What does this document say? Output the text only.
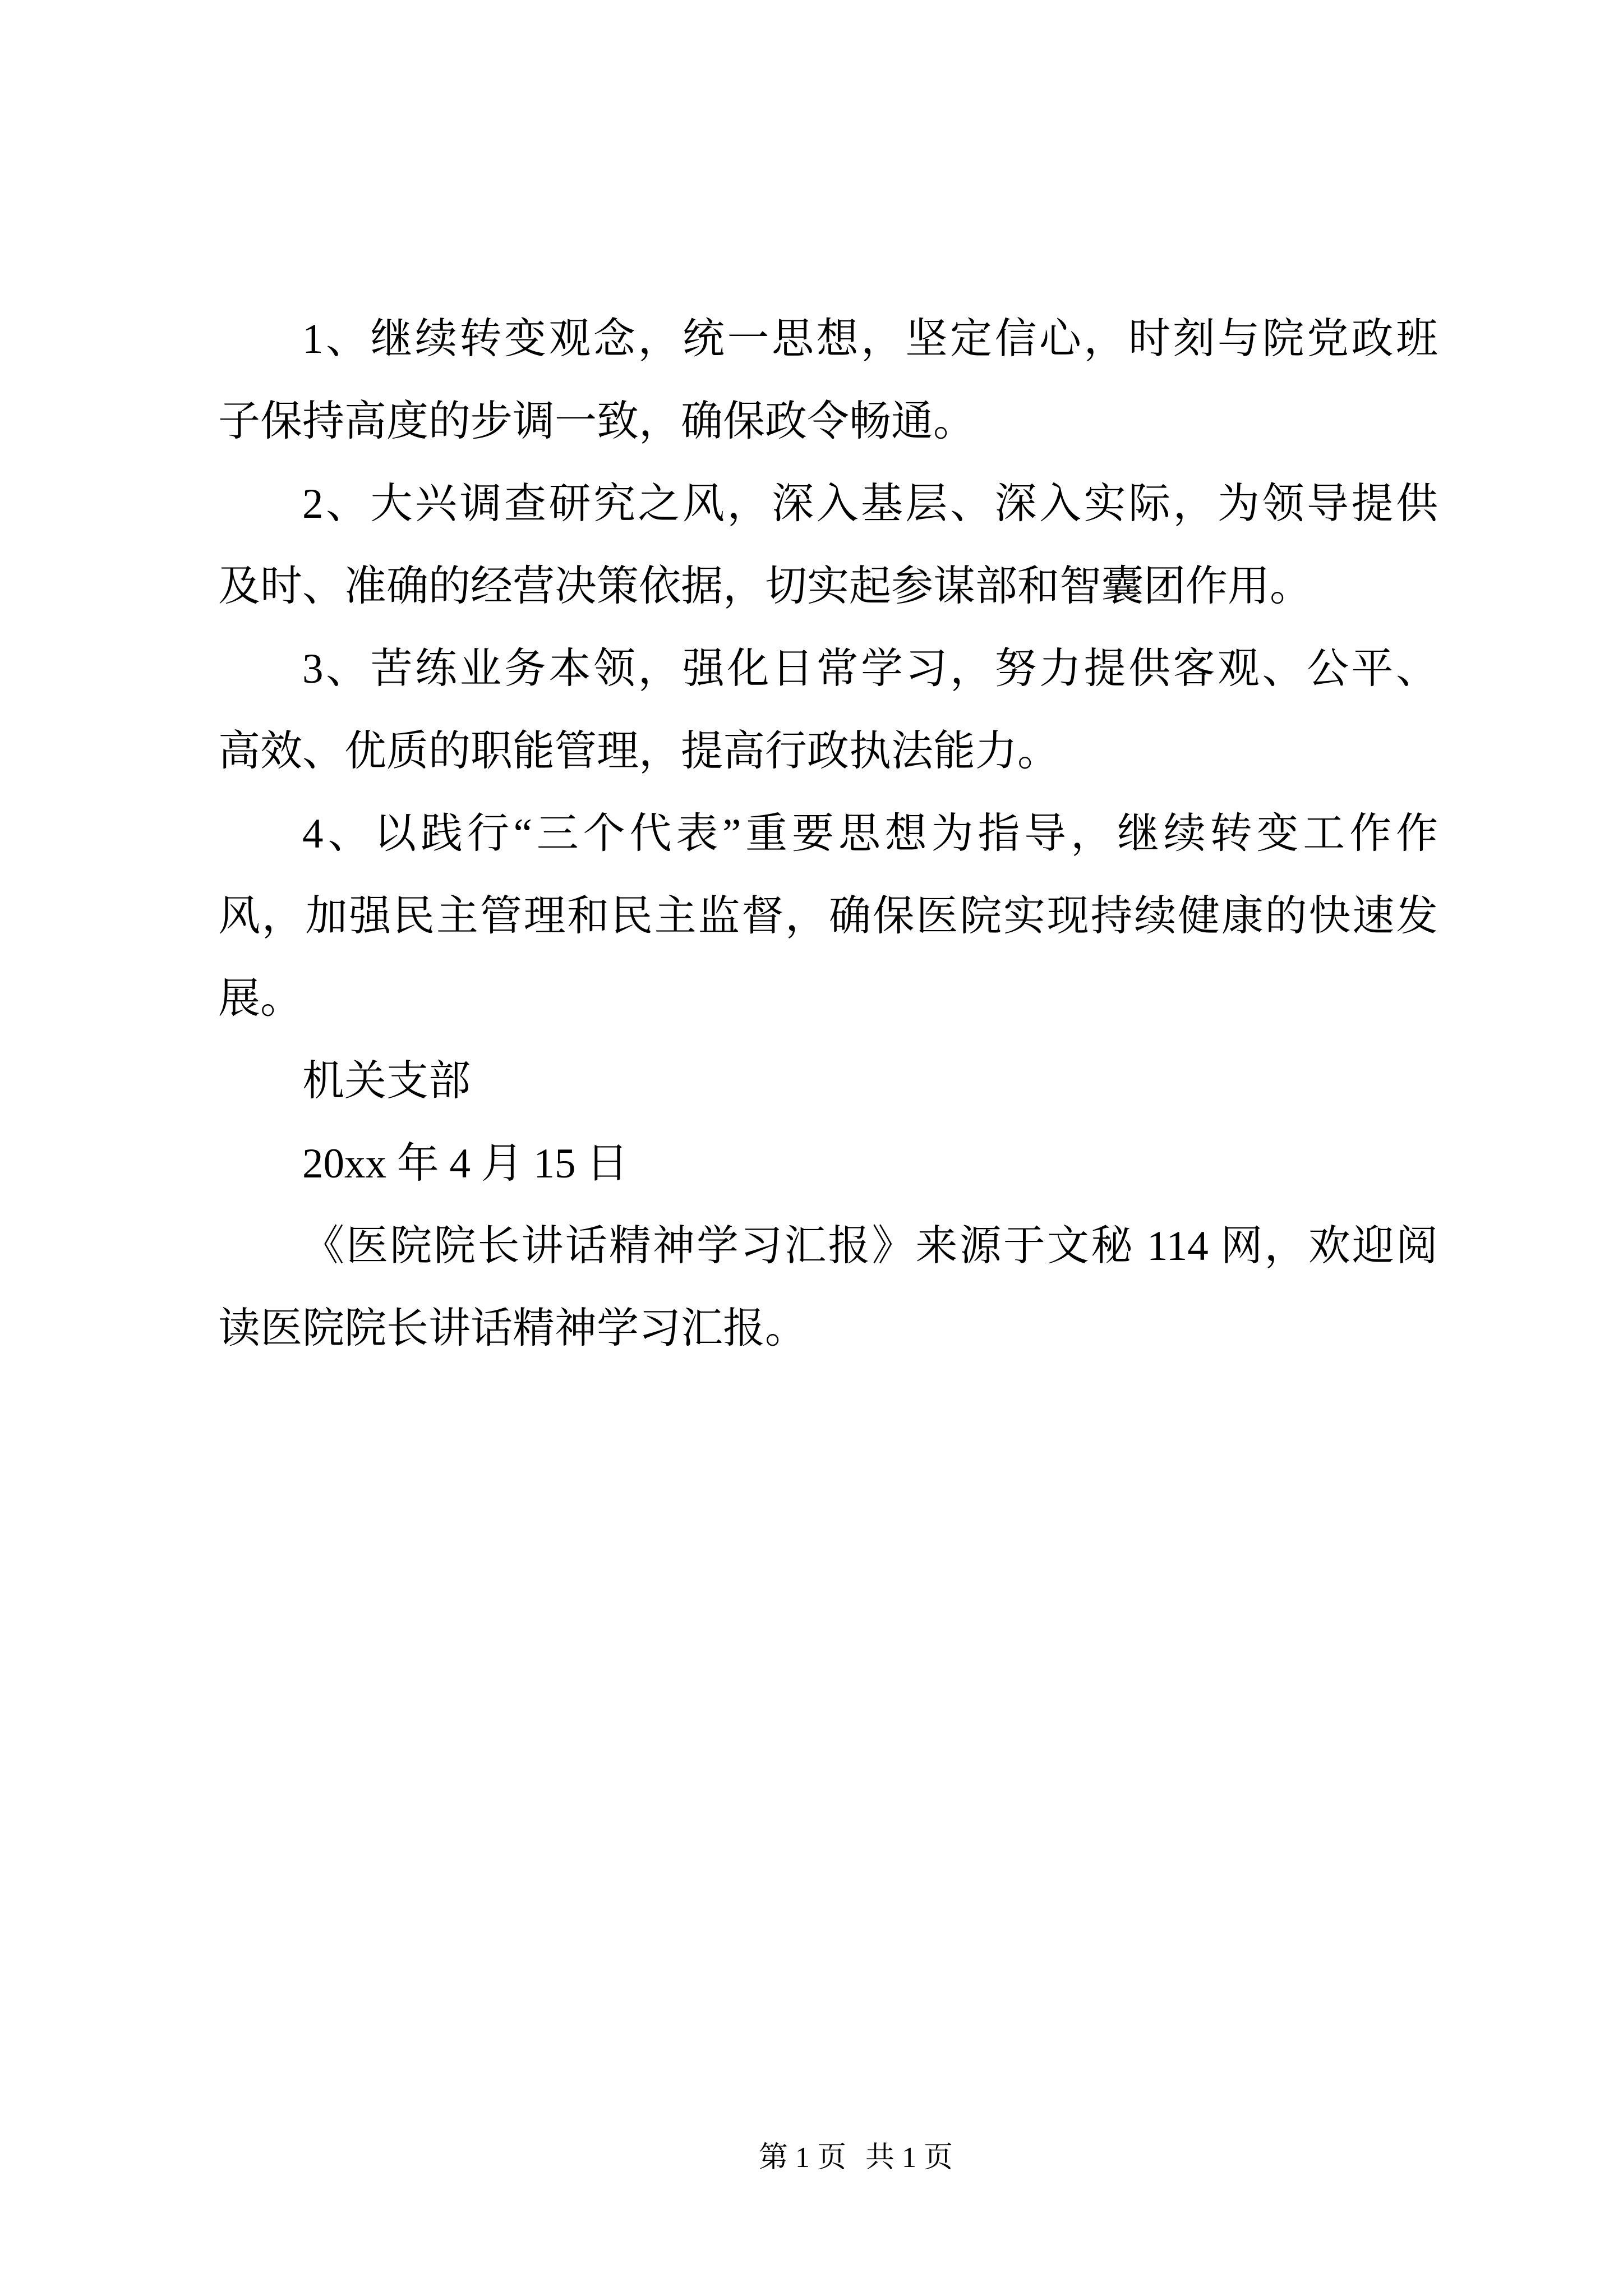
1、继续转变观念，统一思想，坚定信心，时刻与院党政班
子保持高度的步调一致，确保政令畅通。
2、大兴调查研究之风，深入基层、深入实际，为领导提供
及时、准确的经营决策依据，切实起参谋部和智囊团作用。
3、苦练业务本领，强化日常学习，努力提供客观、公平、
高效、优质的职能管理，提高行政执法能力。
4、以践行“三个代表”重要思想为指导，继续转变工作作
风，加强民主管理和民主监督，确保医院实现持续健康的快速发
展。
机关支部
20xx 年 4 月 15 日
《医院院长讲话精神学习汇报》来源于文秘 114 网，欢迎阅
读医院院长讲话精神学习汇报。
第 1 页 共 1 页
